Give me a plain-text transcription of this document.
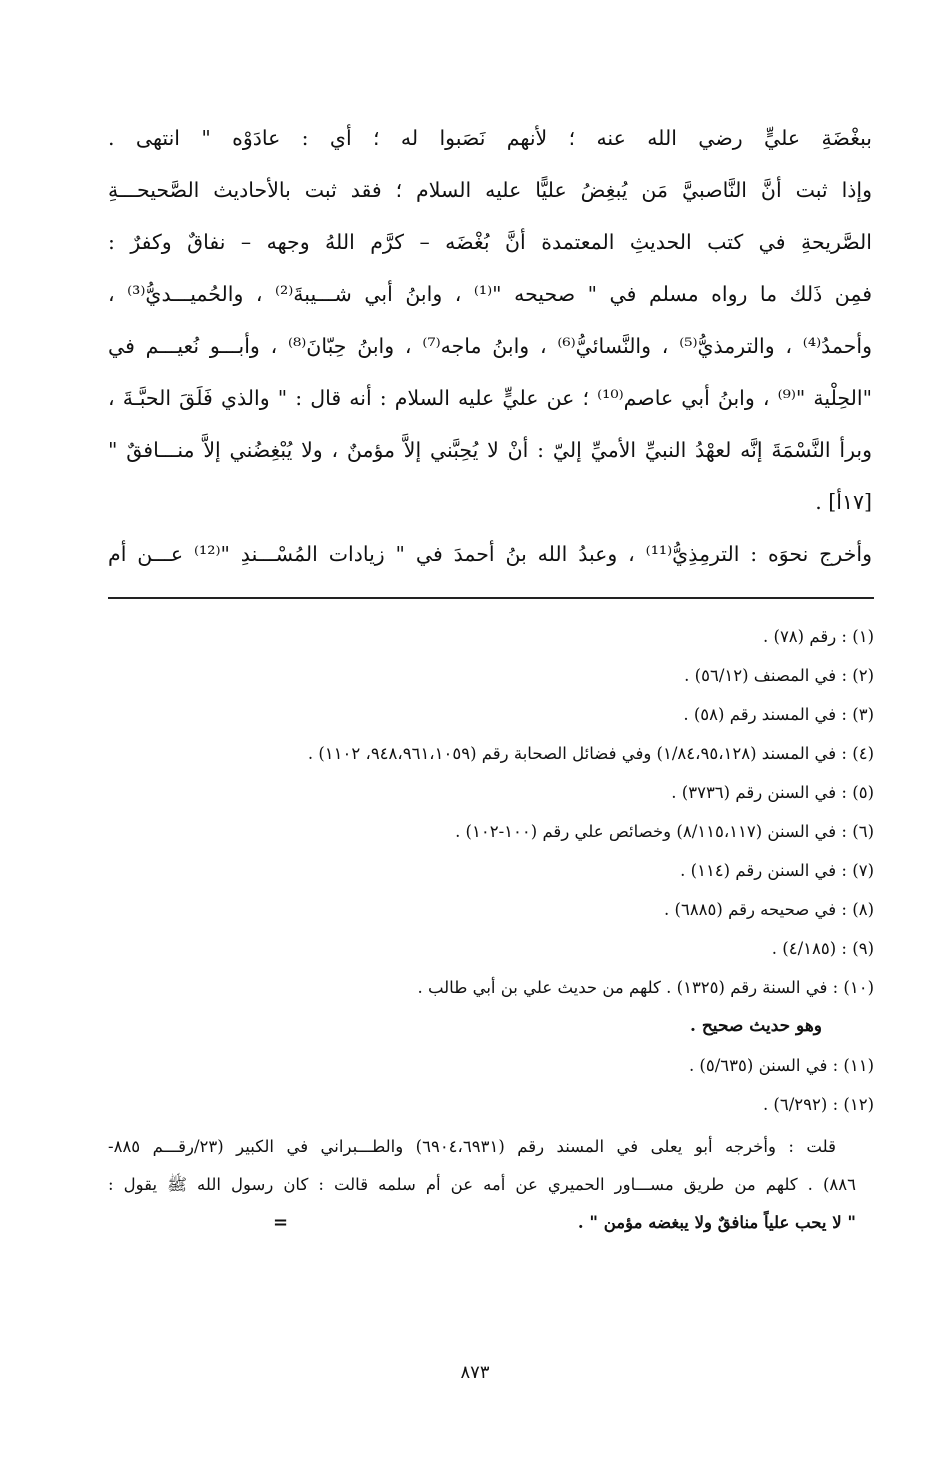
ببغْضَةِ عليٍّ رضي الله عنه ؛ لأنهم نَصَبوا له ؛ أي : عادَوْه " انتهى .
وإذا ثبت أنَّ النَّاصبيَّ مَن يُبغِضُ عليًّا عليه السلام ؛ فقد ثبت بالأحاديث الصَّحيحـــةِ
الصَّريحةِ في كتب الحديثِ المعتمدة أنَّ بُغْضَه – كرَّم اللهُ وجهه – نفاقٌ وكفرٌ :
فمِن ذَلك ما رواه مسلم في " صحيحه "⁽¹⁾ ، وابنُ أبي شـــيبةَ⁽²⁾ ، والحُميـــديُّ⁽³⁾ ،
وأحمدُ⁽⁴⁾ ، والترمذيُّ⁽⁵⁾ ، والنَّسائيُّ⁽⁶⁾ ، وابنُ ماجه⁽⁷⁾ ، وابنُ حِبّانَ⁽⁸⁾ ، وأبـــو نُعيـــم في
"الحِلْية "⁽⁹⁾ ، وابنُ أبي عاصم⁽¹⁰⁾ ؛ عن عليٍّ عليه السلام : أنه قال : " والذي فَلَقَ الحبَّـةَ ،
وبرأ النَّسْمَةَ إنَّه لعهْدُ النبيِّ الأميِّ إليّ : أنْ لا يُحِبَّني إلاَّ مؤمنٌ ، ولا يُبْغِضُني إلاَّ منـــافقٌ "
[١٧أ] .
وأخرج نحوَه : الترمِذِيُّ⁽¹¹⁾ ، وعبدُ الله بنُ أحمدَ في " زيادات المُسْـــندِ "⁽¹²⁾ عـــن أم
(١) : رقم (٧٨) .
(٢) : في المصنف (٥٦/١٢) .
(٣) : في المسند رقم (٥٨) .
(٤) : في المسند (١/٨٤،٩٥،١٢٨) وفي فضائل الصحابة رقم (٩٤٨،٩٦١،١٠٥٩، ١١٠٢) .
(٥) : في السنن رقم (٣٧٣٦) .
(٦) : في السنن (٨/١١٥،١١٧) وخصائص علي رقم (١٠٠-١٠٢) .
(٧) : في السنن رقم (١١٤) .
(٨) : في صحيحه رقم (٦٨٨٥) .
(٩) : (٤/١٨٥) .
(١٠) : في السنة رقم (١٣٢٥) . كلهم من حديث علي بن أبي طالب .
وهو حديث صحيح .
(١١) : في السنن (٥/٦٣٥) .
(١٢) : (٦/٢٩٢) .
قلت : وأخرجه أبو يعلى في المسند رقم (٦٩٠٤،٦٩٣١) والطـــبراني في الكبير (٢٣/رقـــم ٨٨٥-
٨٨٦) . كلهم من طريق مســـاور الحميري عن أمه عن أم سلمه قالت : كان رسول الله ﷺ يقول :
" لا يحب علياً منافقٌ ولا يبغضه مؤمن " .
=
٨٧٣
